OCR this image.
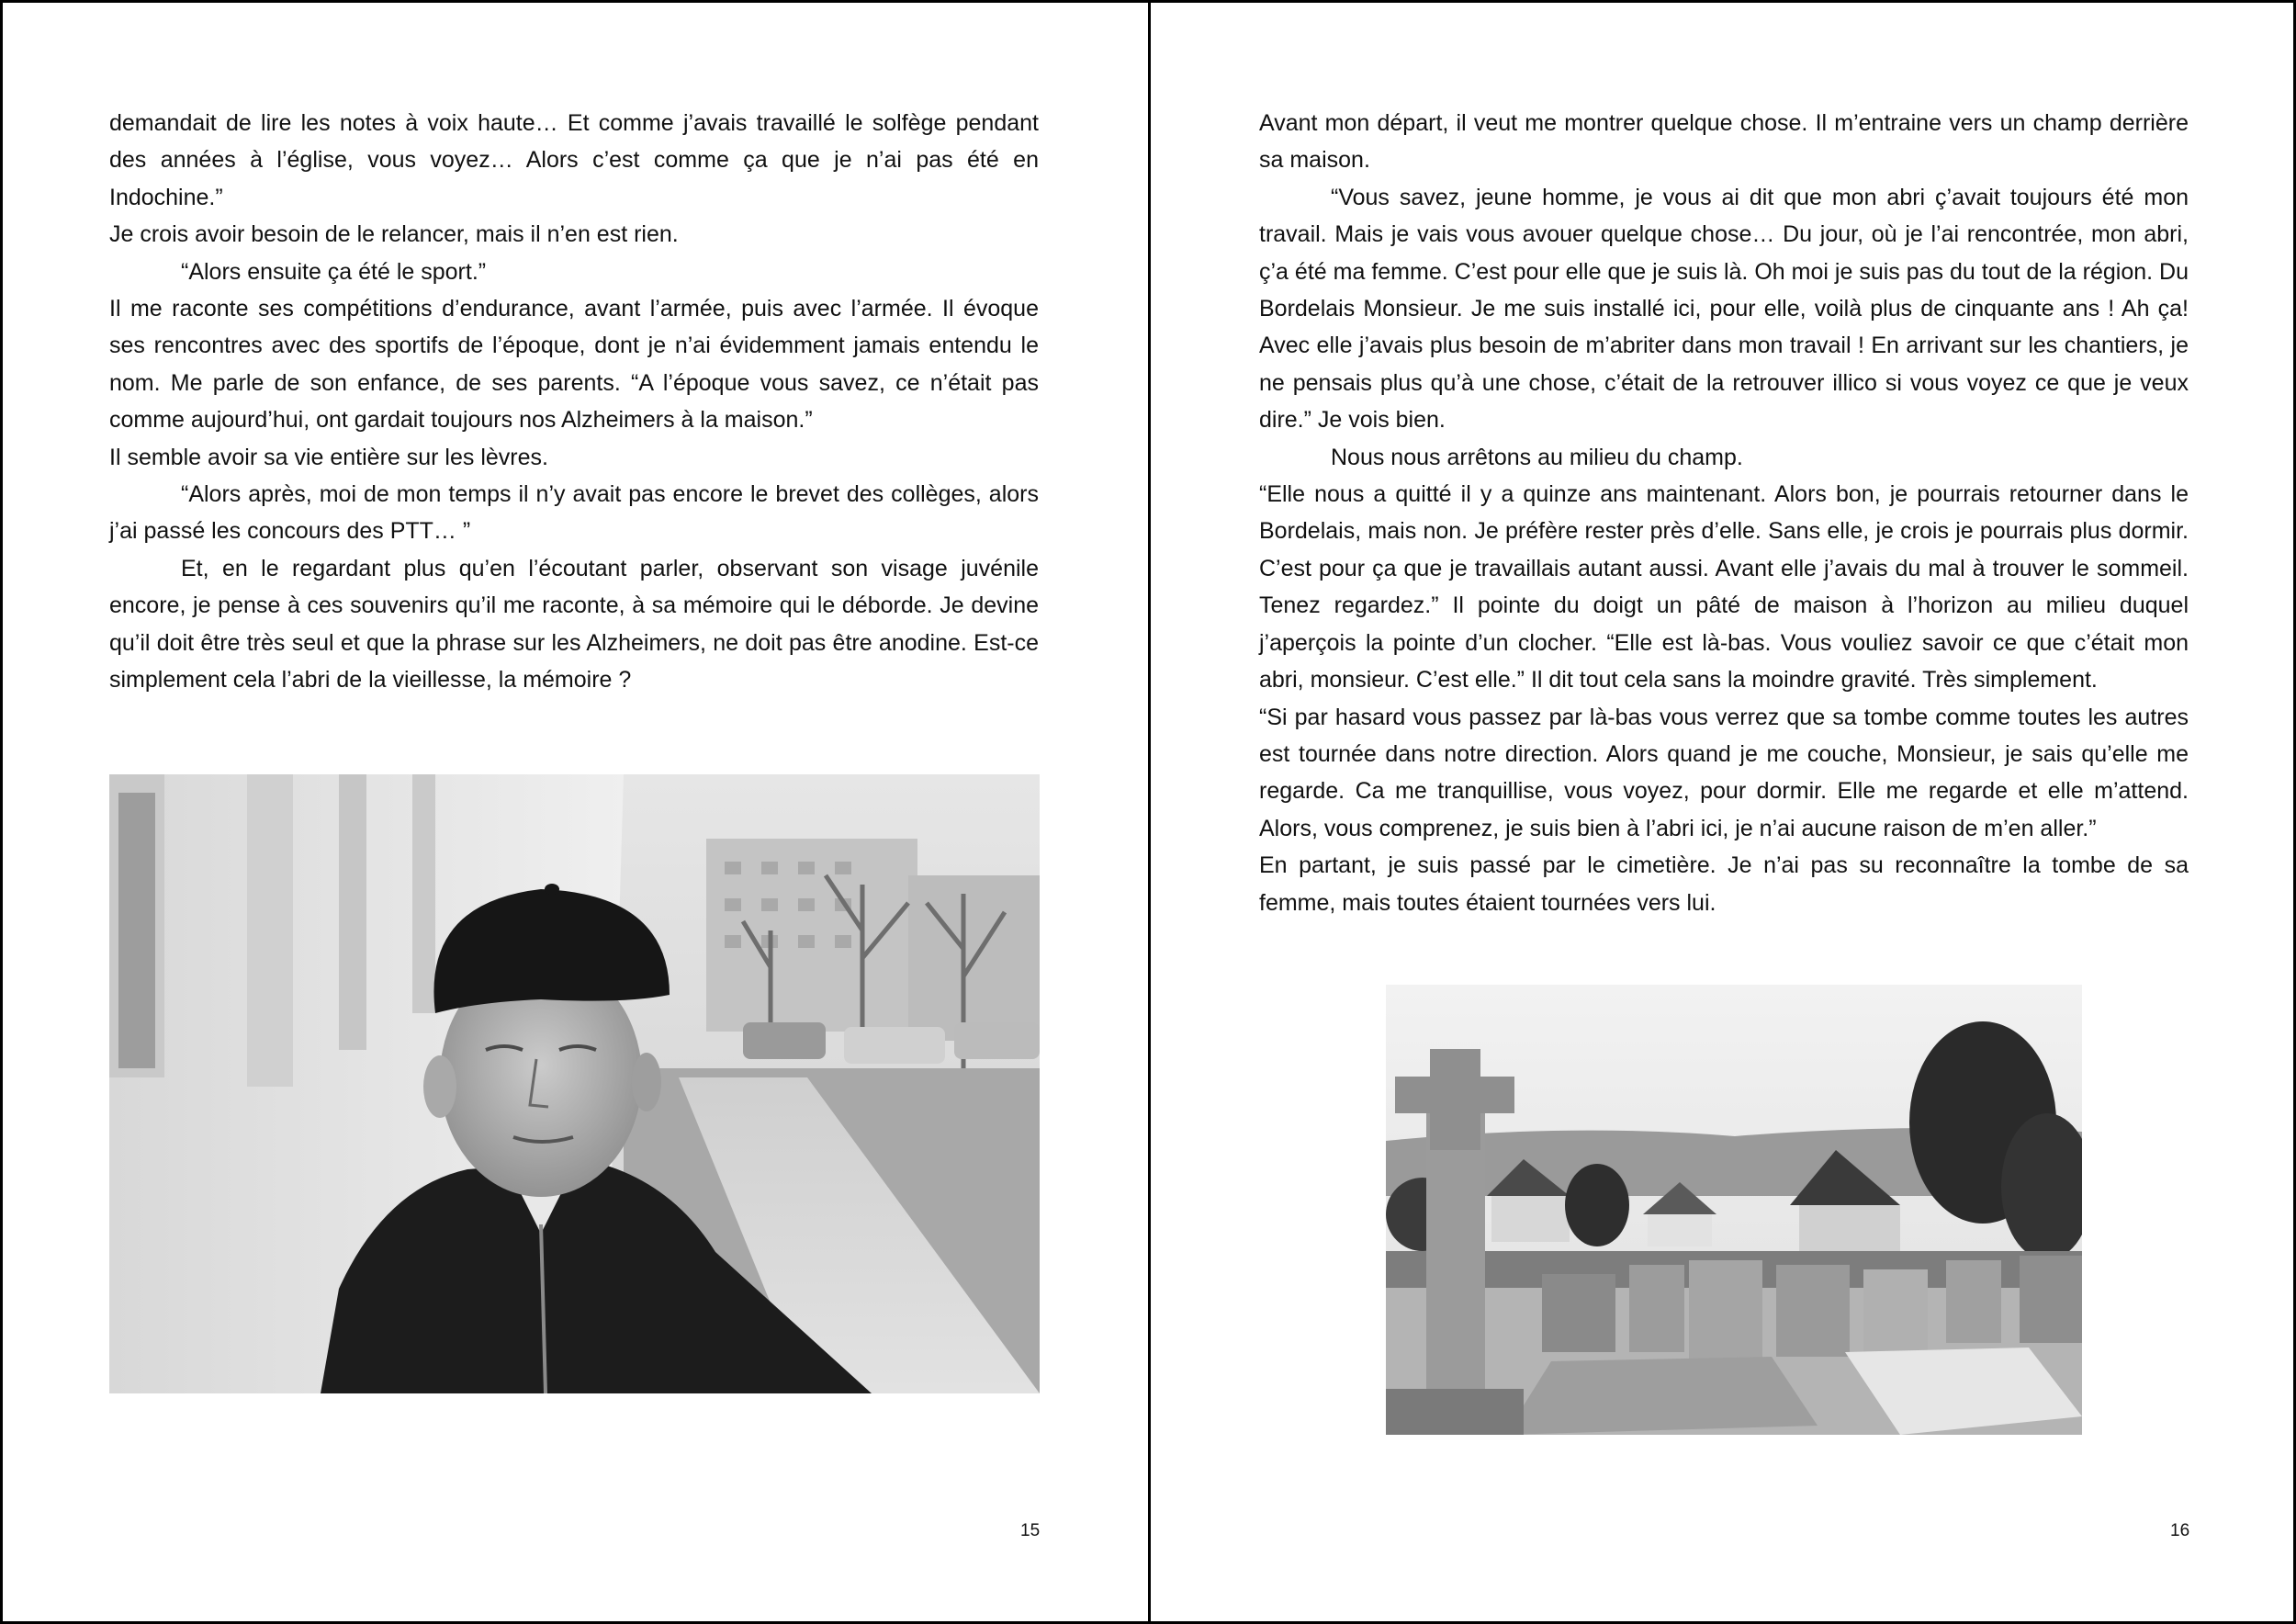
demandait de lire les notes à voix haute… Et comme j’avais travaillé le solfège pendant des années à l’église, vous voyez… Alors c’est comme ça que je n’ai pas été en Indochine.”

Je crois avoir besoin de le relancer, mais il n’en est rien.

“Alors ensuite ça été le sport.”

Il me raconte ses compétitions d’endurance, avant l’armée, puis avec l’armée. Il évoque ses rencontres avec des sportifs de l’époque, dont je n’ai évidemment jamais entendu le nom. Me parle de son enfance, de ses parents. “A l’époque vous savez, ce n’était pas comme aujourd’hui, ont gardait toujours nos Alzheimers à la maison.”

Il semble avoir sa vie entière sur les lèvres.

“Alors après, moi de mon temps il n’y avait pas encore le brevet des collèges, alors j’ai passé les concours des PTT… ”

Et, en le regardant plus qu’en l’écoutant parler, observant son visage juvénile encore, je pense à ces souvenirs qu’il me raconte, à sa mémoire qui le déborde. Je devine qu’il doit être très seul et que la phrase sur les Alzheimers, ne doit pas être anodine. Est-ce simplement cela l’abri de la vieillesse, la mémoire ?

15

Avant mon départ, il veut me montrer quelque chose. Il m’entraine vers un champ derrière sa maison.

“Vous savez, jeune homme, je vous ai dit que mon abri ç’avait toujours été mon travail. Mais je vais vous avouer quelque chose… Du jour, où je l’ai rencontrée, mon abri, ç’a été ma femme. C’est pour elle que je suis là. Oh moi je suis pas du tout de la région. Du Bordelais Monsieur. Je me suis installé ici, pour elle, voilà plus de cinquante ans ! Ah ça! Avec elle j’avais plus besoin de m’abriter dans mon travail ! En arrivant sur les chantiers, je ne pensais plus qu’à une chose, c’était de la retrouver illico si vous voyez ce que je veux dire.” Je vois bien.

Nous nous arrêtons au milieu du champ.

“Elle nous a quitté il y a quinze ans maintenant. Alors bon, je pourrais retourner dans le Bordelais, mais non. Je préfère rester près d’elle. Sans elle, je crois je pourrais plus dormir. C’est pour ça que je travaillais autant aussi. Avant elle j’avais du mal à trouver le sommeil. Tenez regardez.” Il pointe du doigt un pâté de maison à l’horizon au milieu duquel j’aperçois la pointe d’un clocher. “Elle est là-bas. Vous vouliez savoir ce que c’était mon abri, monsieur. C’est elle.” Il dit tout cela sans la moindre gravité. Très simplement.

“Si par hasard vous passez par là-bas vous verrez que sa tombe comme toutes les autres est tournée dans notre direction. Alors quand je me couche, Monsieur, je sais qu’elle me regarde. Ca me tranquillise, vous voyez, pour dormir. Elle me regarde et elle m’attend. Alors, vous comprenez, je suis bien à l’abri ici, je n’ai aucune raison de m’en aller.”

En partant, je suis passé par le cimetière. Je n’ai pas su reconnaître la tombe de sa femme, mais toutes étaient tournées vers lui.

16
